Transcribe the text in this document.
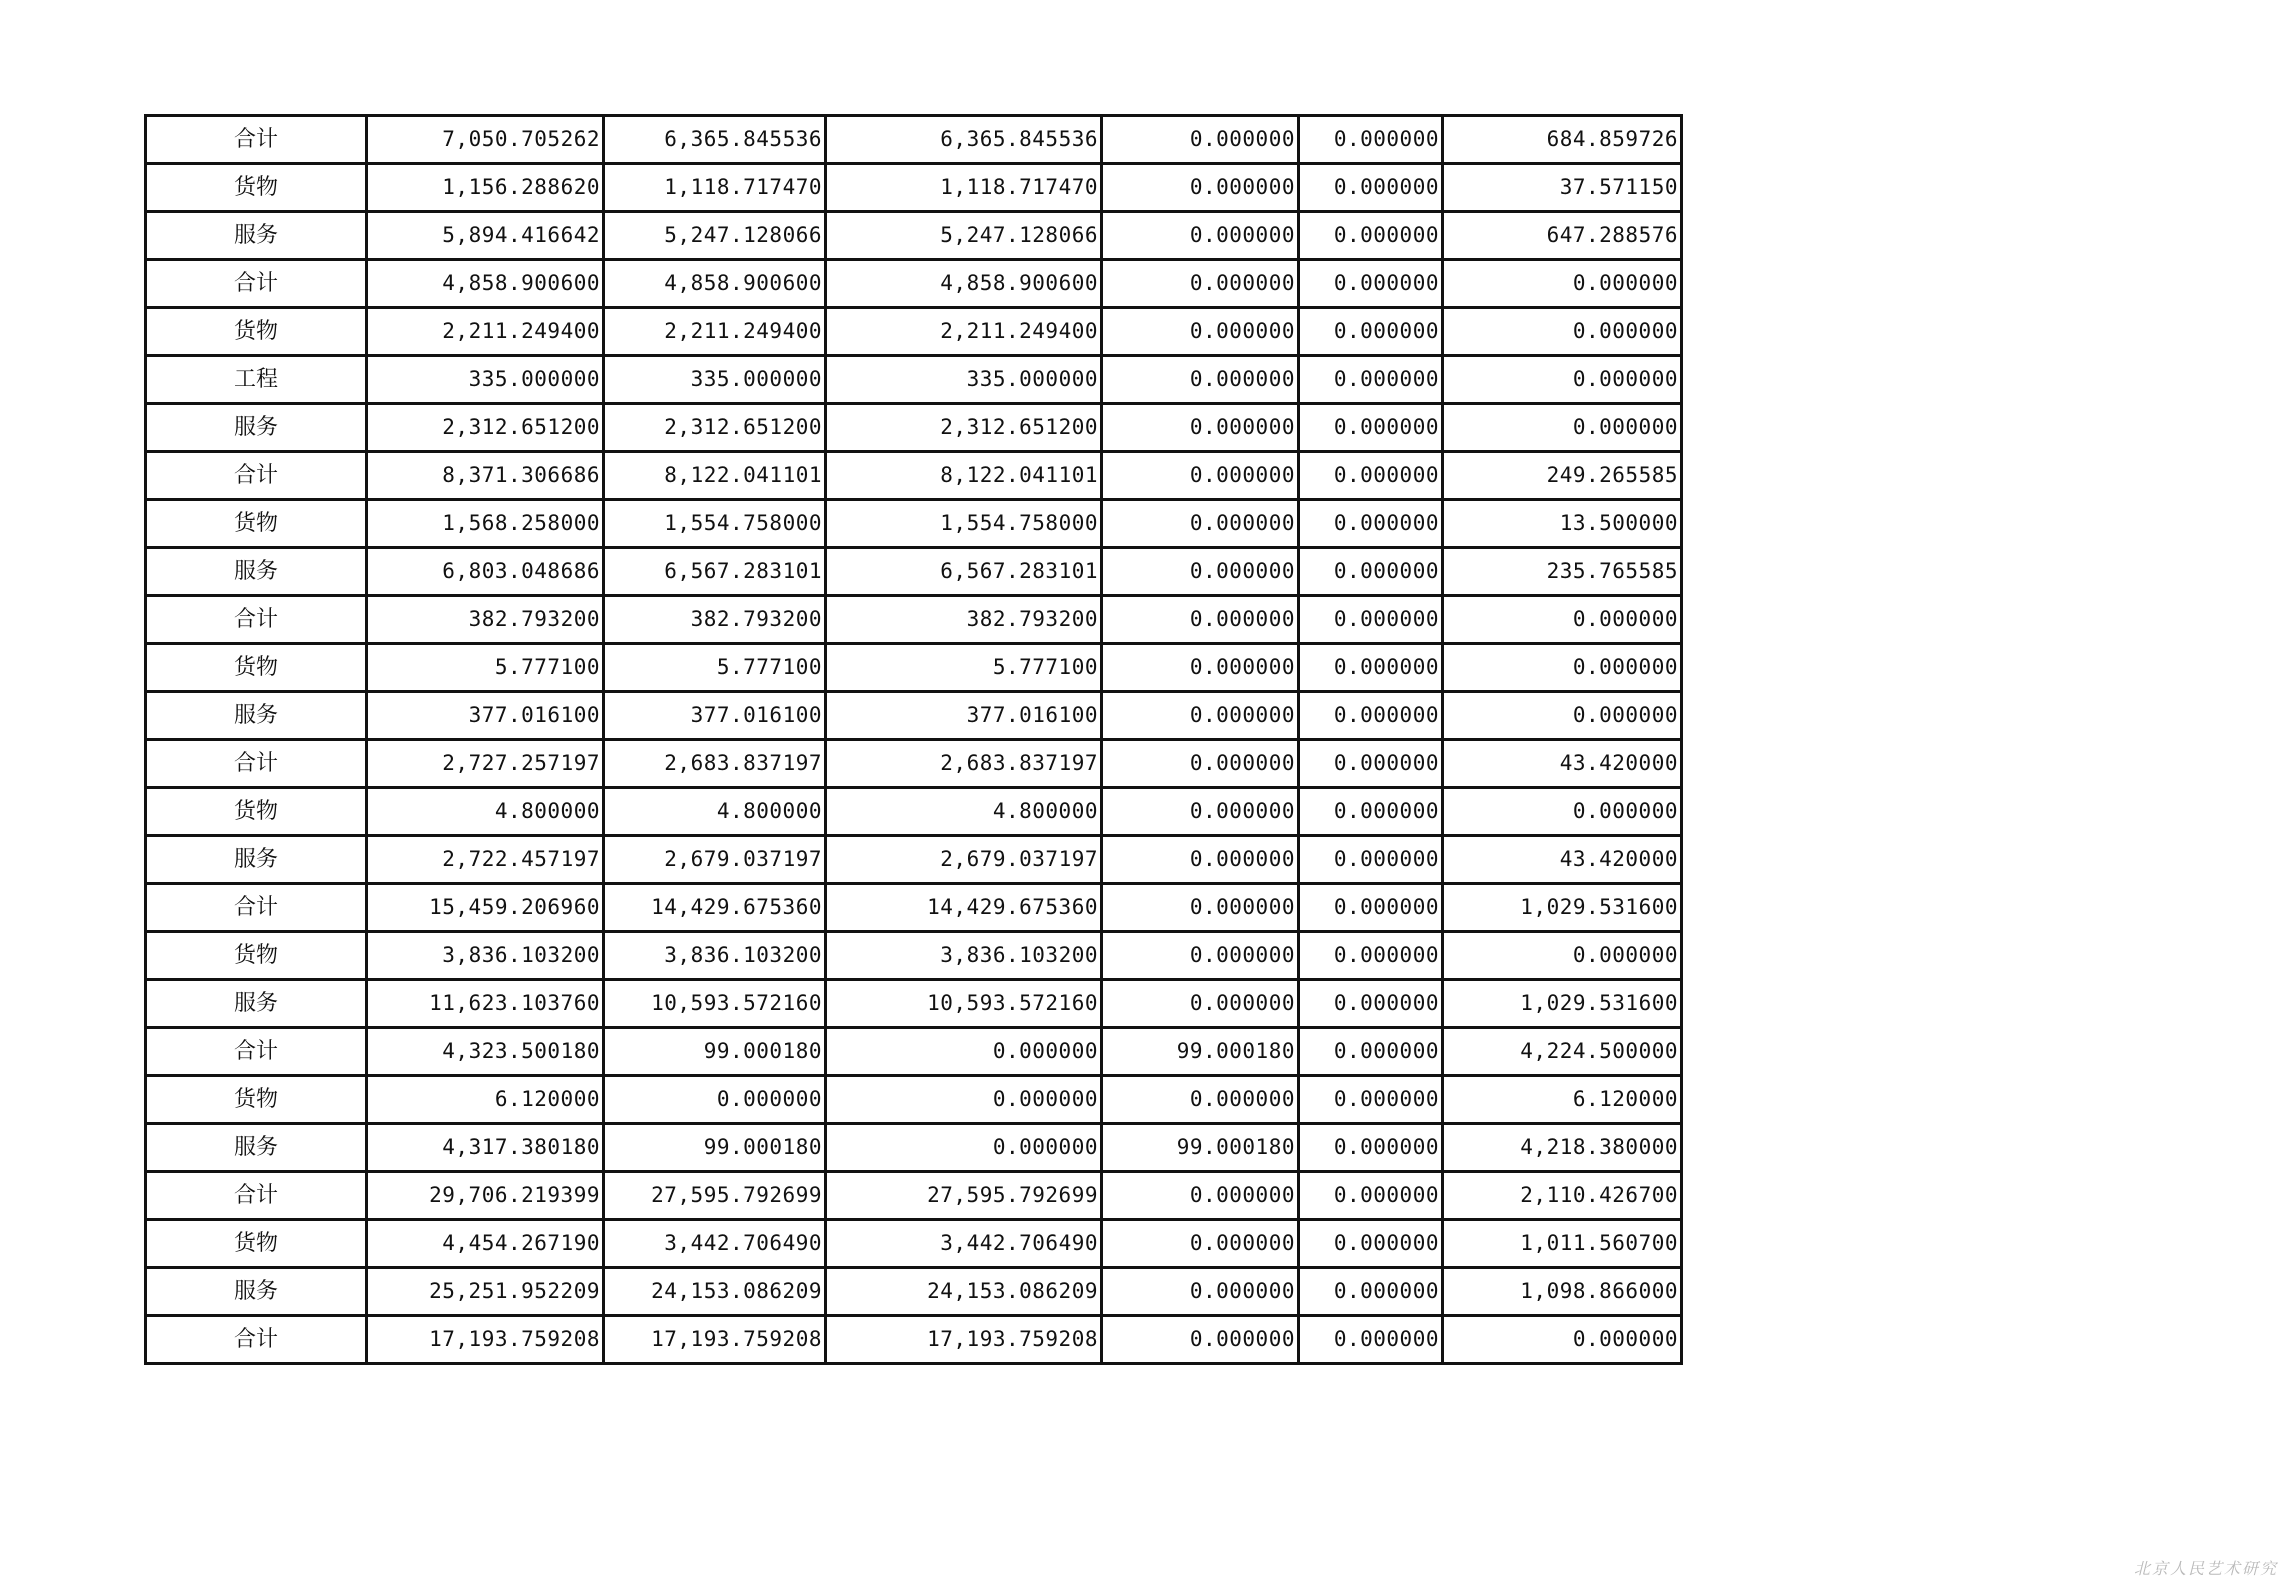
合计	7,050.705262	6,365.845536	6,365.845536	0.000000	0.000000	684.859726
货物	1,156.288620	1,118.717470	1,118.717470	0.000000	0.000000	37.571150
服务	5,894.416642	5,247.128066	5,247.128066	0.000000	0.000000	647.288576
合计	4,858.900600	4,858.900600	4,858.900600	0.000000	0.000000	0.000000
货物	2,211.249400	2,211.249400	2,211.249400	0.000000	0.000000	0.000000
工程	335.000000	335.000000	335.000000	0.000000	0.000000	0.000000
服务	2,312.651200	2,312.651200	2,312.651200	0.000000	0.000000	0.000000
合计	8,371.306686	8,122.041101	8,122.041101	0.000000	0.000000	249.265585
货物	1,568.258000	1,554.758000	1,554.758000	0.000000	0.000000	13.500000
服务	6,803.048686	6,567.283101	6,567.283101	0.000000	0.000000	235.765585
合计	382.793200	382.793200	382.793200	0.000000	0.000000	0.000000
货物	5.777100	5.777100	5.777100	0.000000	0.000000	0.000000
服务	377.016100	377.016100	377.016100	0.000000	0.000000	0.000000
合计	2,727.257197	2,683.837197	2,683.837197	0.000000	0.000000	43.420000
货物	4.800000	4.800000	4.800000	0.000000	0.000000	0.000000
服务	2,722.457197	2,679.037197	2,679.037197	0.000000	0.000000	43.420000
合计	15,459.206960	14,429.675360	14,429.675360	0.000000	0.000000	1,029.531600
货物	3,836.103200	3,836.103200	3,836.103200	0.000000	0.000000	0.000000
服务	11,623.103760	10,593.572160	10,593.572160	0.000000	0.000000	1,029.531600
合计	4,323.500180	99.000180	0.000000	99.000180	0.000000	4,224.500000
货物	6.120000	0.000000	0.000000	0.000000	0.000000	6.120000
服务	4,317.380180	99.000180	0.000000	99.000180	0.000000	4,218.380000
合计	29,706.219399	27,595.792699	27,595.792699	0.000000	0.000000	2,110.426700
货物	4,454.267190	3,442.706490	3,442.706490	0.000000	0.000000	1,011.560700
服务	25,251.952209	24,153.086209	24,153.086209	0.000000	0.000000	1,098.866000
合计	17,193.759208	17,193.759208	17,193.759208	0.000000	0.000000	0.000000
北京人民艺术研究
